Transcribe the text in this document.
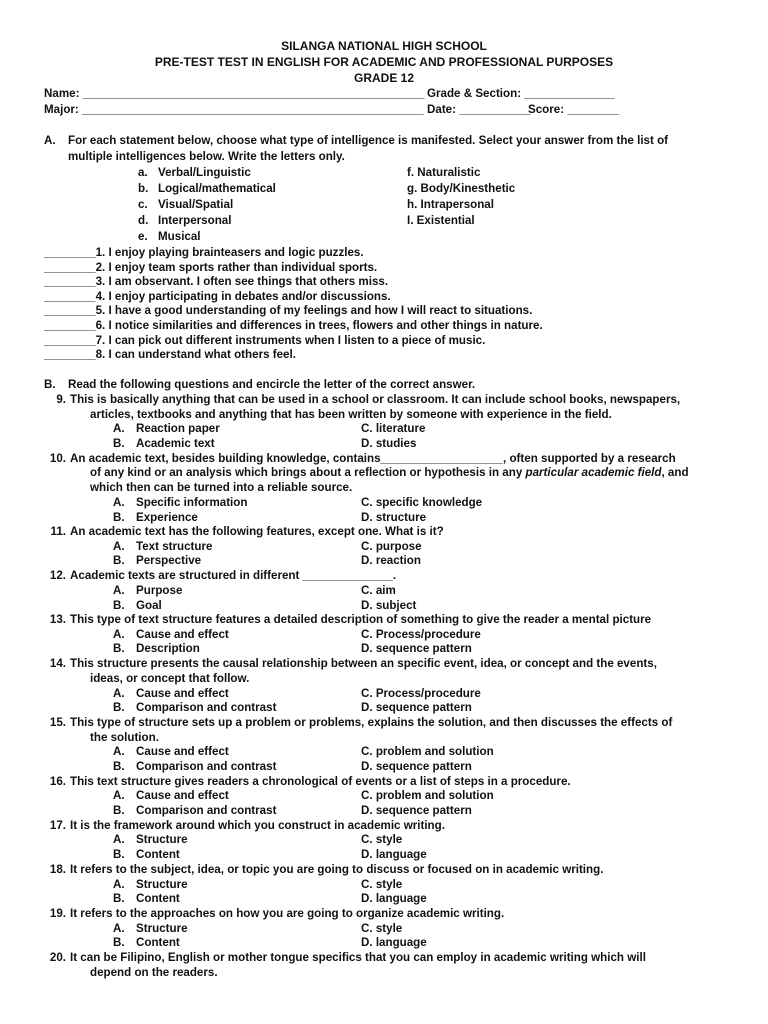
SILANGA NATIONAL HIGH SCHOOL
PRE-TEST TEST IN ENGLISH FOR ACADEMIC AND PROFESSIONAL PURPOSES
GRADE 12
Name: _____________________________________________________ Grade & Section: ______________
Major: _____________________________________________________ Date: ___________
Score: ________
A. For each statement below, choose what type of intelligence is manifested. Select your answer from the list of
multiple intelligences below. Write the letters only.
a. Verbal/Linguistic
b. Logical/mathematical
c. Visual/Spatial
d. Interpersonal
e. Musical
f. Naturalistic
g. Body/Kinesthetic
h. Intrapersonal
I. Existential
________1. I enjoy playing brainteasers and logic puzzles.
________2. I enjoy team sports rather than individual sports.
________3. I am observant. I often see things that others miss.
________4. I enjoy participating in debates and/or discussions.
________5. I have a good understanding of my feelings and how I will react to situations.
________6. I notice similarities and differences in trees, flowers and other things in nature.
________7. I can pick out different instruments when I listen to a piece of music.
________8. I can understand what others feel.
B. Read the following questions and encircle the letter of the correct answer.
9. This is basically anything that can be used in a school or classroom. It can include school books, newspapers,
articles, textbooks and anything that has been written by someone with experience in the field.
A. Reaction paper
B. Academic text
C. literature
D. studies
10. An academic text, besides building knowledge, contains___________________, often supported by a research
of any kind or an analysis which brings about a reflection or hypothesis in any particular academic field, and
which then can be turned into a reliable source.
A. Specific information
B. Experience
C. specific knowledge
D. structure
11. An academic text has the following features, except one. What is it?
A. Text structure
B. Perspective
C. purpose
D. reaction
12. Academic texts are structured in different ______________.
A. Purpose
B. Goal
C. aim
D. subject
13. This type of text structure features a detailed description of something to give the reader a mental picture
A. Cause and effect
B. Description
C. Process/procedure
D. sequence pattern
14. This structure presents the causal relationship between an specific event, idea, or concept and the events,
ideas, or concept that follow.
A. Cause and effect
B. Comparison and contrast
C. Process/procedure
D. sequence pattern
15. This type of structure sets up a problem or problems, explains the solution, and then discusses the effects of
the solution.
A. Cause and effect
B. Comparison and contrast
C. problem and solution
D. sequence pattern
16. This text structure gives readers a chronological of events or a list of steps in a procedure.
A. Cause and effect
B. Comparison and contrast
C. problem and solution
D. sequence pattern
17. It is the framework around which you construct in academic writing.
A. Structure
B. Content
C. style
D. language
18. It refers to the subject, idea, or topic you are going to discuss or focused on in academic writing.
A. Structure
B. Content
C. style
D. language
19. It refers to the approaches on how you are going to organize academic writing.
A. Structure
B. Content
C. style
D. language
20. It can be Filipino, English or mother tongue specifics that you can employ in academic writing which will
depend on the readers.
